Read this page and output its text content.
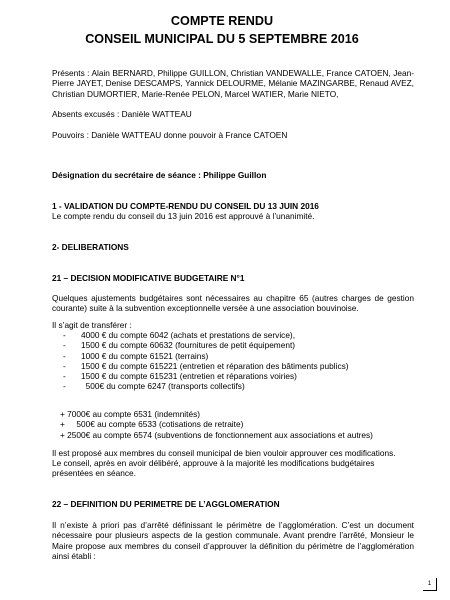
COMPTE RENDU
CONSEIL MUNICIPAL DU 5 SEPTEMBRE 2016

Présents : Alain BERNARD, Philippe GUILLON, Christian VANDEWALLE, France CATOEN, Jean-Pierre JAYET, Denise DESCAMPS, Yannick DELOURME, Mélanie MAZINGARBE, Renaud AVEZ, Christian DUMORTIER, Marie-Renée PELON, Marcel WATIER, Marie NIETO,

Absents excusés : Danièle WATTEAU

Pouvoirs : Danièle WATTEAU donne pouvoir à France CATOEN

Désignation du secrétaire de séance : Philippe Guillon

1 - VALIDATION DU COMPTE-RENDU DU CONSEIL DU 13 JUIN 2016

Le compte rendu du conseil du 13 juin 2016 est approuvé à l’unanimité.

2- DELIBERATIONS

21 – DECISION MODIFICATIVE BUDGETAIRE N°1

Quelques ajustements budgétaires sont nécessaires au chapitre 65 (autres charges de gestion courante) suite à la subvention exceptionnelle versée à une association bouvinoise.

Il s’agit de transférer :

- 4000 € du compte 6042 (achats et prestations de service),
- 1500 € du compte 60632 (fournitures de petit équipement)
- 1000 € du compte 61521 (terrains)
- 1500 € du compte 615221 (entretien et réparation des bâtiments publics)
- 1500 € du compte 615231 (entretien et réparations voiries)
- 500€ du compte 6247 (transports collectifs)
+ 7000€ au compte 6531 (indemnités)
+     500€ au compte 6533 (cotisations de retraite)
+ 2500€ au compte 6574 (subventions de fonctionnement aux associations et autres)

Il est proposé aux membres du conseil municipal de bien vouloir approuver ces modifications.

Le conseil, après en avoir délibéré, approuve à la majorité les modifications budgétaires présentées en séance.

22 – DEFINITION DU PERIMETRE DE L’AGGLOMERATION

Il n’existe à priori pas d’arrêté définissant le périmètre de l’agglomération. C’est un document nécessaire pour plusieurs aspects de la gestion communale. Avant prendre l’arrêté, Monsieur le Maire propose aux membres du conseil d’approuver la définition du périmètre de l’agglomération ainsi établi :

1
